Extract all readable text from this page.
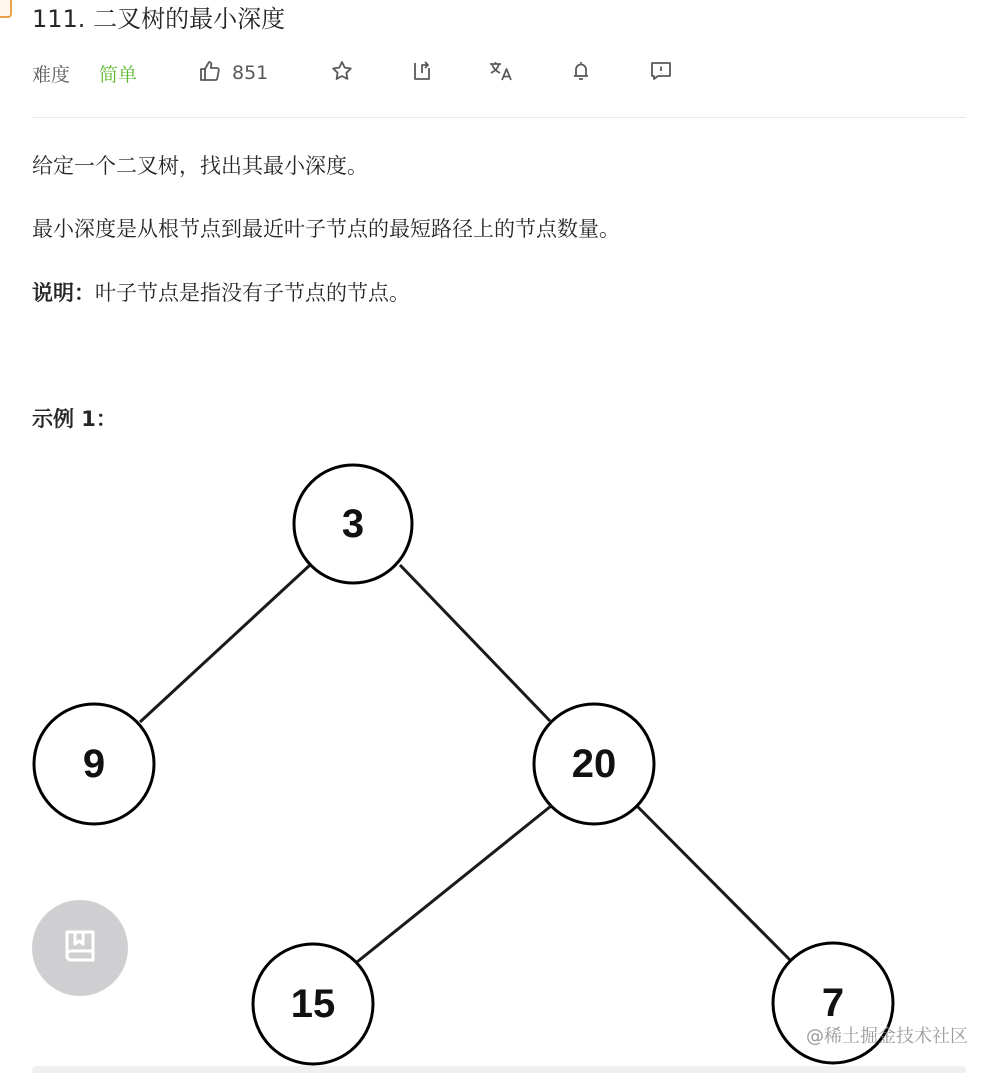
111. 二叉树的最小深度
难度 简单	851
给定一个二叉树，找出其最小深度。
最小深度是从根节点到最近叶子节点的最短路径上的节点数量。
说明：叶子节点是指没有子节点的节点。
示例 1：
3
9	20
15	7
@稀土掘金技术社区
